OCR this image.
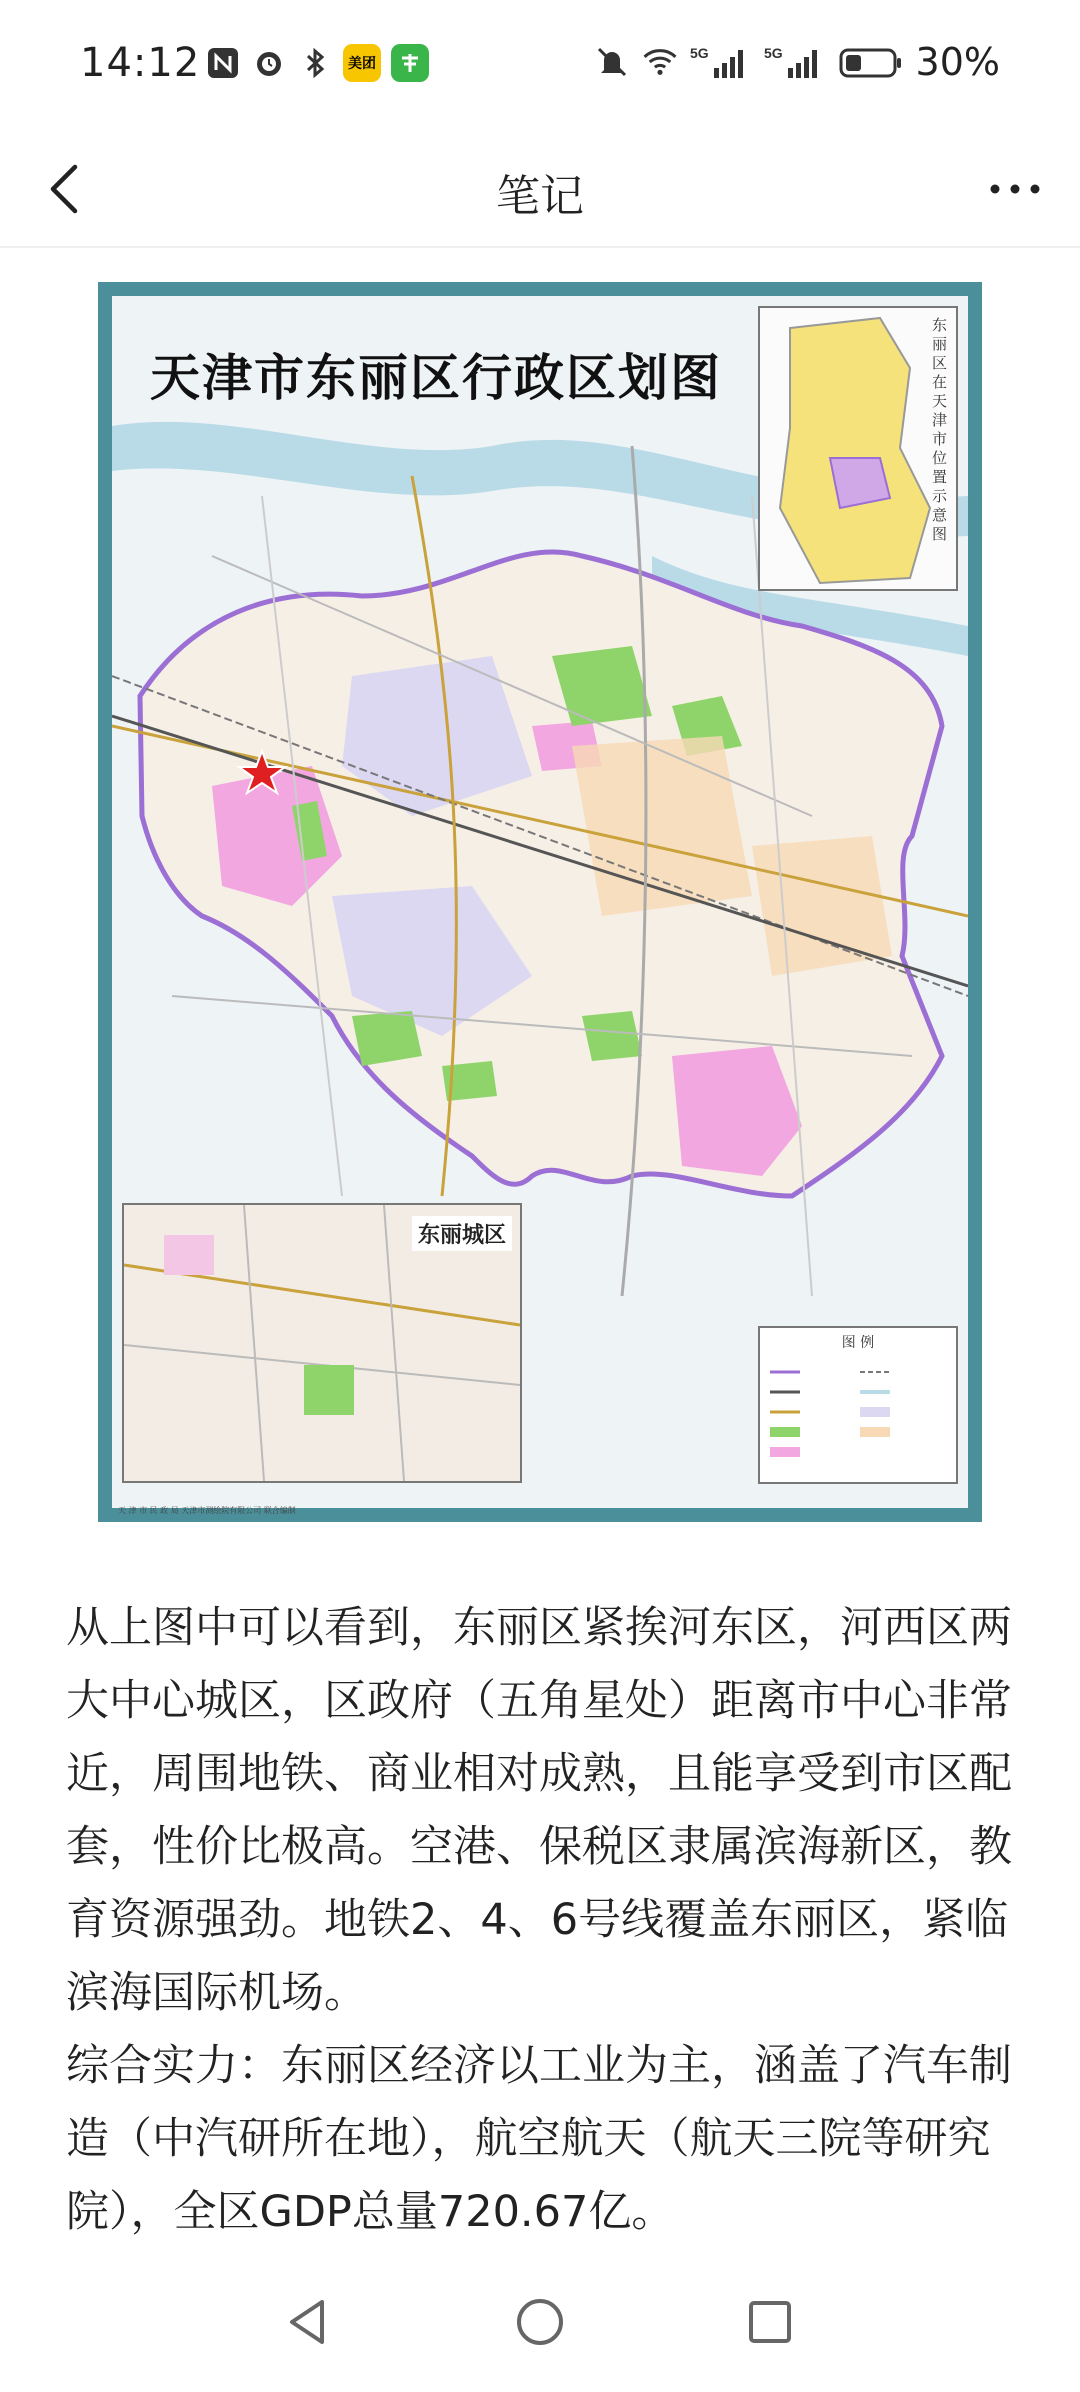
14:12	美团
5G	5G	30%
笔记
天津市东丽区行政区划图
东丽区在天津市位置示意图
东丽城区
图 例
天 津 市 民 政 局 天津市测绘院有限公司 联合编制

从上图中可以看到，东丽区紧挨河东区，河西区两大中心城区，区政府（五角星处）距离市中心非常近，周围地铁、商业相对成熟，且能享受到市区配套，性价比极高。空港、保税区隶属滨海新区，教育资源强劲。地铁2、4、6号线覆盖东丽区，紧临滨海国际机场。

综合实力：东丽区经济以工业为主，涵盖了汽车制造（中汽研所在地），航空航天（航天三院等研究院），全区GDP总量720.67亿。
